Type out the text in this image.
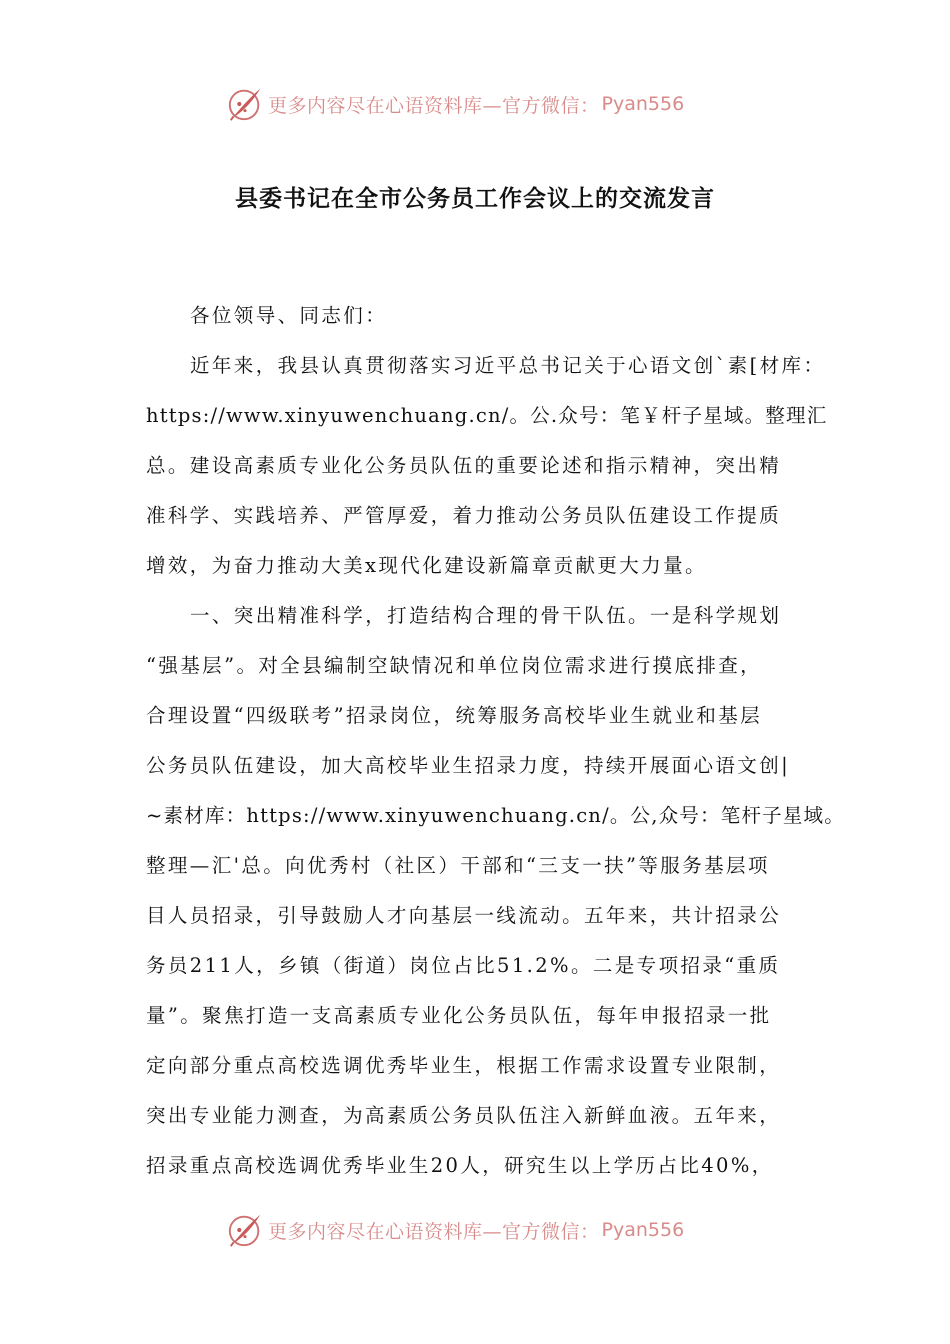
更多内容尽在心语资料库—官方微信： Pyan556
县委书记在全市公务员工作会议上的交流发言
各位领导、同志们：
近年来，我县认真贯彻落实习近平总书记关于心语文创`素[材库：
https://www.xinyuwenchuang.cn/。公.众号：笔￥杆子星域。整理汇
总。建设高素质专业化公务员队伍的重要论述和指示精神，突出精
准科学、实践培养、严管厚爱，着力推动公务员队伍建设工作提质
增效，为奋力推动大美x现代化建设新篇章贡献更大力量。
一、突出精准科学，打造结构合理的骨干队伍。一是科学规划
“强基层”。对全县编制空缺情况和单位岗位需求进行摸底排查，
合理设置“四级联考”招录岗位，统筹服务高校毕业生就业和基层
公务员队伍建设，加大高校毕业生招录力度，持续开展面心语文创|
~素材库：https://www.xinyuwenchuang.cn/。公,众号：笔杆子星域。
整理—汇'总。向优秀村（社区）干部和“三支一扶”等服务基层项
目人员招录，引导鼓励人才向基层一线流动。五年来，共计招录公
务员211人，乡镇（街道）岗位占比51.2%。二是专项招录“重质
量”。聚焦打造一支高素质专业化公务员队伍，每年申报招录一批
定向部分重点高校选调优秀毕业生，根据工作需求设置专业限制，
突出专业能力测查，为高素质公务员队伍注入新鲜血液。五年来，
招录重点高校选调优秀毕业生20人，研究生以上学历占比40%，
更多内容尽在心语资料库—官方微信： Pyan556
